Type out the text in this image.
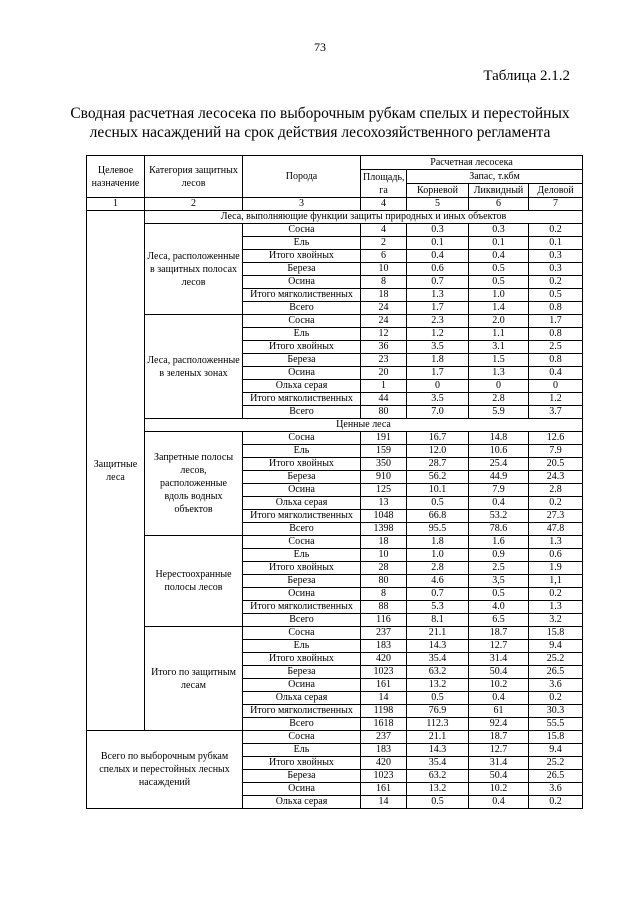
73
Таблица 2.1.2
Сводная расчетная лесосека по выборочным рубкам спелых и перестойных лесных насаждений на срок действия лесохозяйственного регламента
Целевое назначение	Категория защитных лесов	Порода	Расчетная лесосека			
			Площадь, га	Запас, т.кбм		
				Корневой	Ликвидный	Деловой
1	2	3	4	5	6	7
Защитные леса	Леса, выполняющие функции защиты природных и иных объектов					
	Леса, расположенные в защитных полосах лесов	Сосна	4	0.3	0.3	0.2
		Ель	2	0.1	0.1	0.1
		Итого хвойных	6	0.4	0.4	0.3
		Береза	10	0.6	0.5	0.3
		Осина	8	0.7	0.5	0.2
		Итого мягколиственных	18	1.3	1.0	0.5
		Всего	24	1.7	1.4	0.8
	Леса, расположенные в зеленых зонах	Сосна	24	2.3	2.0	1.7
		Ель	12	1.2	1.1	0.8
		Итого хвойных	36	3.5	3.1	2.5
		Береза	23	1.8	1.5	0.8
		Осина	20	1.7	1.3	0.4
		Ольха серая	1	0	0	0
		Итого мягколиственных	44	3.5	2.8	1.2
		Всего	80	7.0	5.9	3.7
	Ценные леса					
	Запретные полосы лесов, расположенные вдоль водных объектов	Сосна	191	16.7	14.8	12.6
		Ель	159	12.0	10.6	7.9
		Итого хвойных	350	28.7	25.4	20.5
		Береза	910	56.2	44.9	24.3
		Осина	125	10.1	7.9	2.8
		Ольха серая	13	0.5	0.4	0.2
		Итого мягколиственных	1048	66.8	53.2	27.3
		Всего	1398	95.5	78.6	47.8
	Нерестоохранные полосы лесов	Сосна	18	1.8	1.6	1.3
		Ель	10	1.0	0.9	0.6
		Итого хвойных	28	2.8	2.5	1.9
		Береза	80	4.6	3,5	1,1
		Осина	8	0.7	0.5	0.2
		Итого мягколиственных	88	5.3	4.0	1.3
		Всего	116	8.1	6.5	3.2
	Итого по защитным лесам	Сосна	237	21.1	18.7	15.8
		Ель	183	14.3	12.7	9.4
		Итого хвойных	420	35.4	31.4	25.2
		Береза	1023	63.2	50.4	26.5
		Осина	161	13.2	10.2	3.6
		Ольха серая	14	0.5	0.4	0.2
		Итого мягколиственных	1198	76.9	61	30.3
		Всего	1618	112.3	92.4	55.5
Всего по выборочным рубкам спелых и перестойных лесных насаждений		Сосна	237	21.1	18.7	15.8
		Ель	183	14.3	12.7	9.4
		Итого хвойных	420	35.4	31.4	25.2
		Береза	1023	63.2	50.4	26.5
		Осина	161	13.2	10.2	3.6
		Ольха серая	14	0.5	0.4	0.2
